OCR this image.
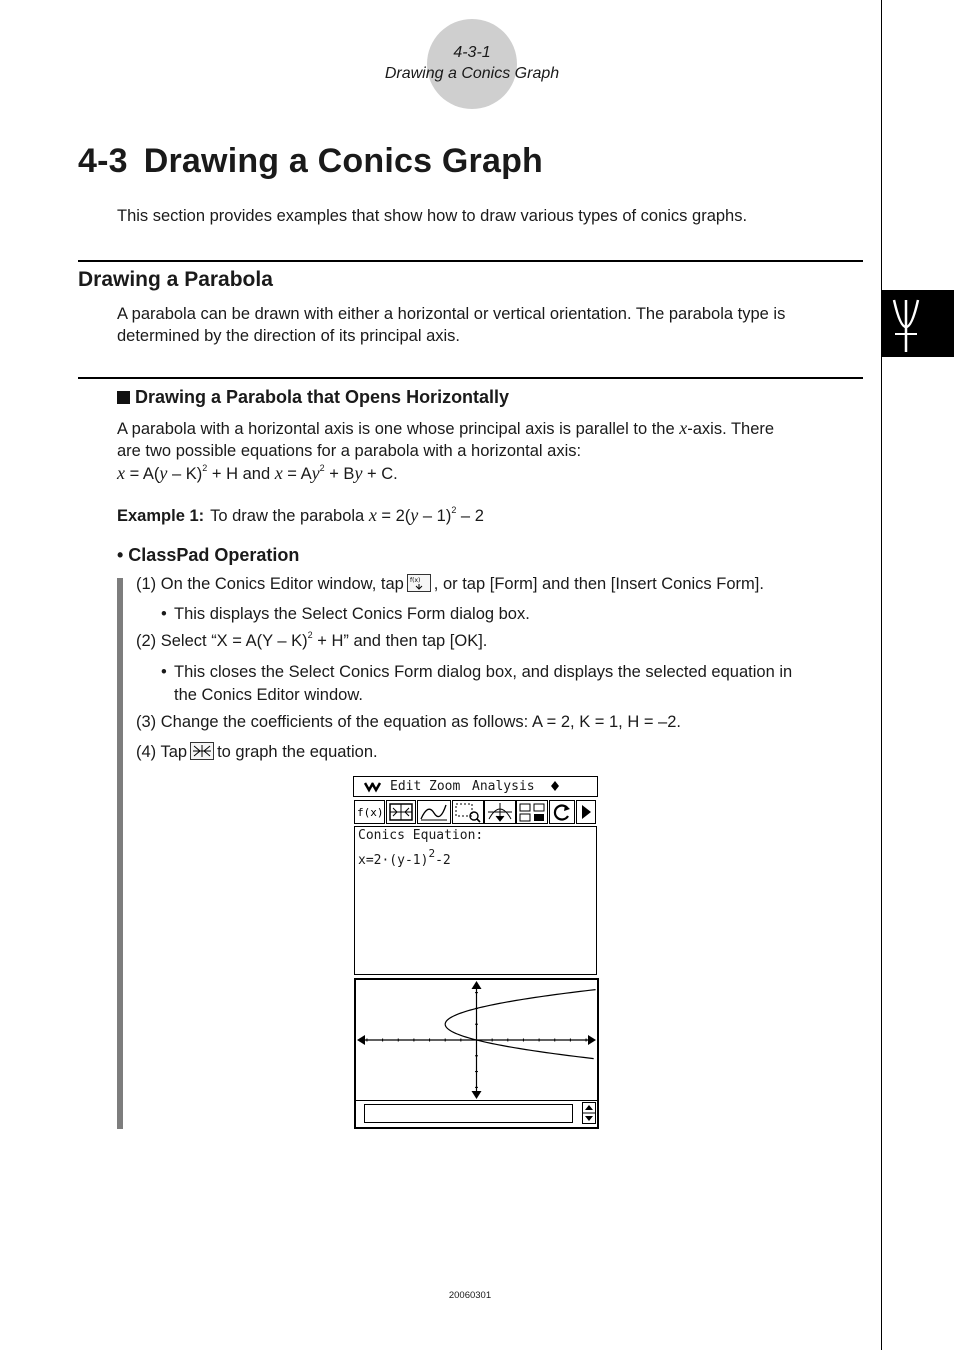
4-3-1
Drawing a Conics Graph
4-3 Drawing a Conics Graph
This section provides examples that show how to draw various types of conics graphs.
Drawing a Parabola
A parabola can be drawn with either a horizontal or vertical orientation. The parabola type is
determined by the direction of its principal axis.
Drawing a Parabola that Opens Horizontally
A parabola with a horizontal axis is one whose principal axis is parallel to the x-axis. There
are two possible equations for a parabola with a horizontal axis:
x = A(y – K)$^2$ + H and $x = Ay^2 + By + C$.
Example 1: To draw the parabola x = 2(y – 1)$^2$ – 2
• ClassPad Operation
(1) On the Conics Editor window, tap f(x) , or tap [Form] and then [Insert Conics Form].
• This displays the Select Conics Form dialog box.
(2) Select “X = A(Y – K)$^2$ + H” and then tap [OK].
• This closes the Select Conics Form dialog box, and displays the selected equation in
the Conics Editor window.
(3) Change the coefficients of the equation as follows: A = 2, K = 1, H = –2.
(4) Tap to graph the equation.
Edit Zoom Analysis
f(x)
Conics Equation:
$x=2\cdot(y-1)^2-2$
20060301
